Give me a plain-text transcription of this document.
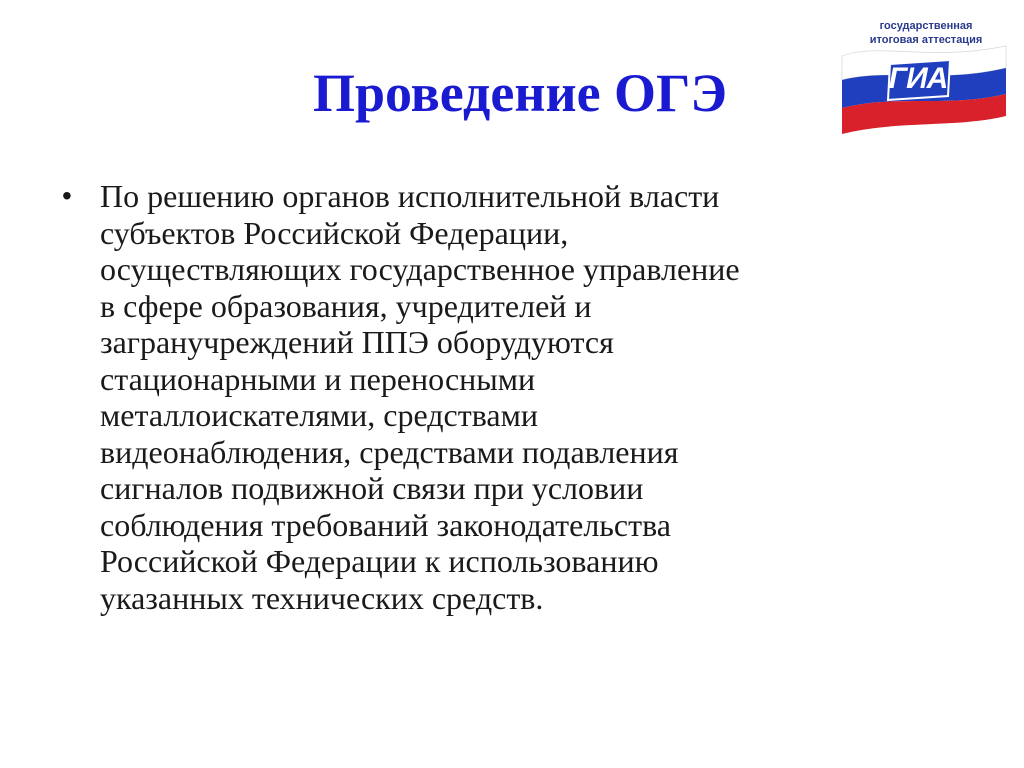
Проведение ОГЭ
государственная
итоговая аттестация
ГИА
• По решению органов исполнительной власти
субъектов Российской Федерации,
осуществляющих государственное управление
в сфере образования, учредителей и
загранучреждений ППЭ оборудуются
стационарными и переносными
металлоискателями, средствами
видеонаблюдения, средствами подавления
сигналов подвижной связи при условии
соблюдения требований законодательства
Российской Федерации к использованию
указанных технических средств.
